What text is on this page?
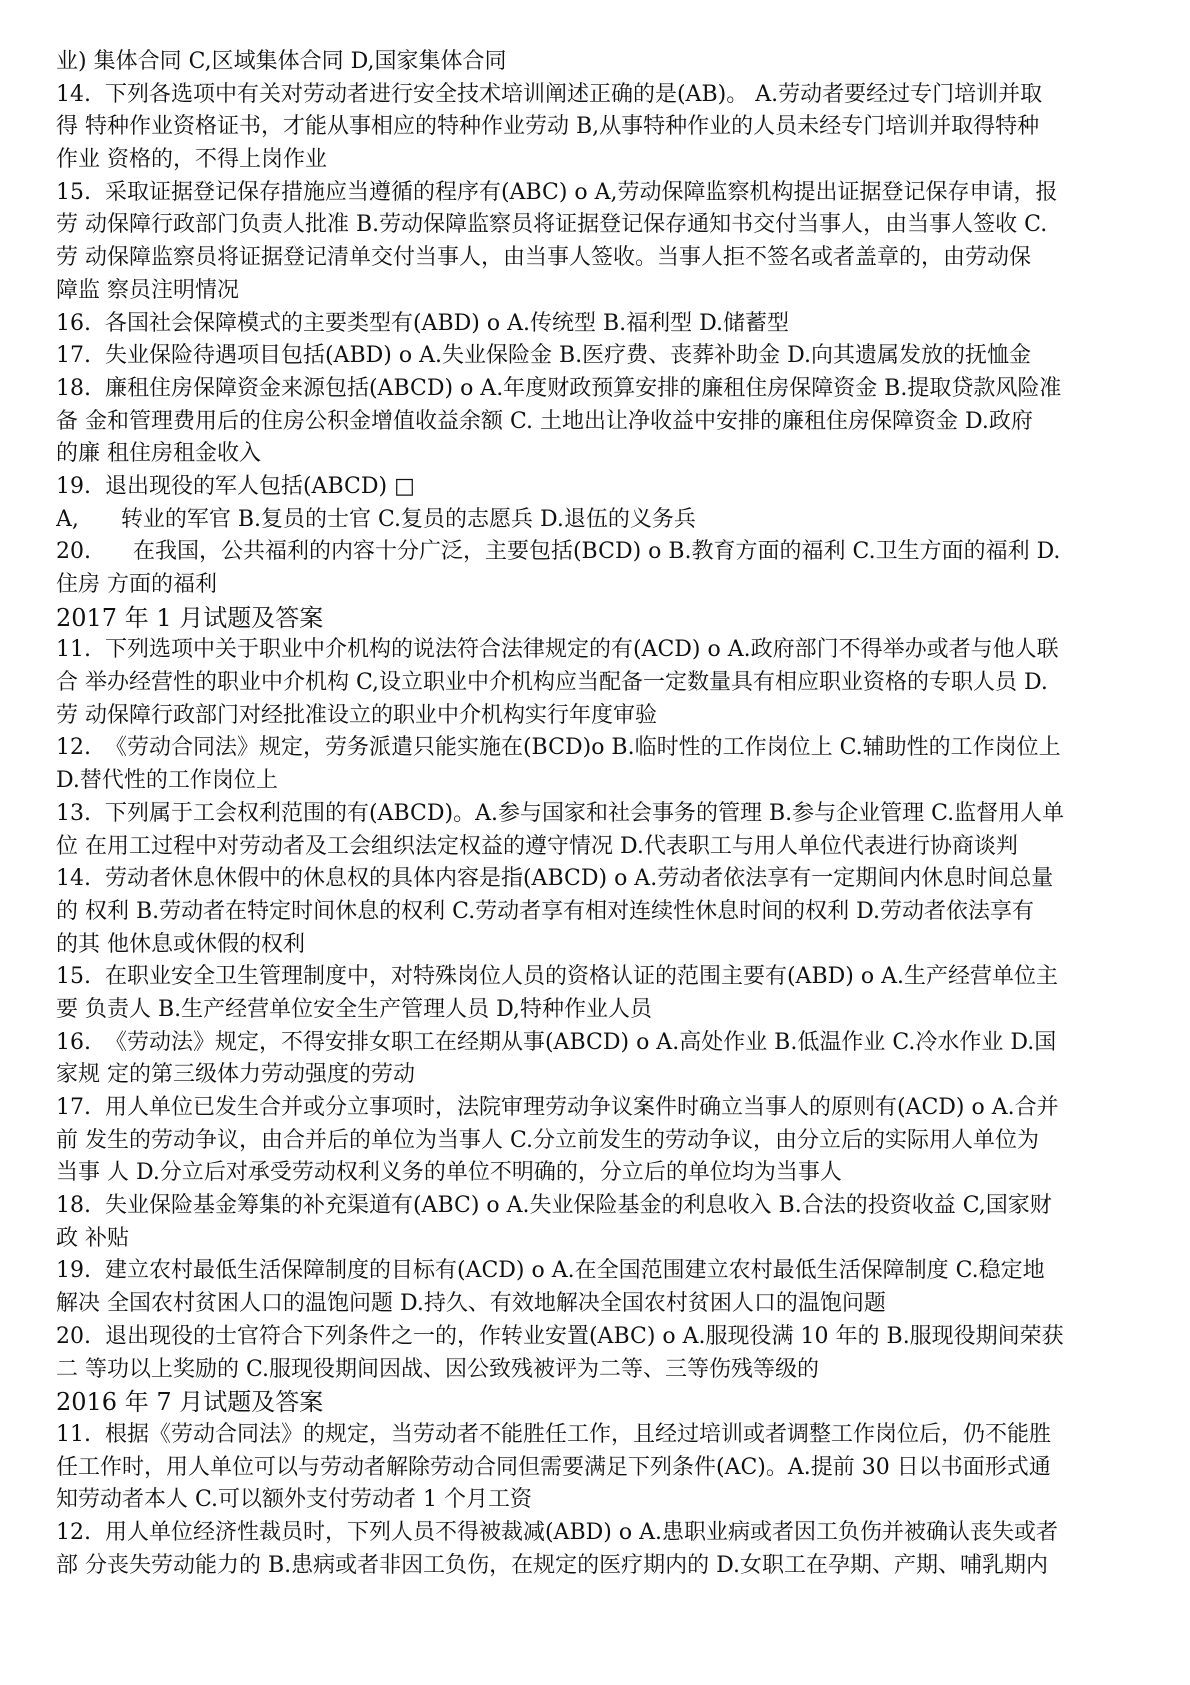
业) 集体合同 C,区域集体合同 D,国家集体合同
14.  下列各选项中有关对劳动者进行安全技术培训阐述正确的是(AB)。 A.劳动者要经过专门培训并取
得 特种作业资格证书，才能从事相应的特种作业劳动 B,从事特种作业的人员未经专门培训并取得特种
作业 资格的，不得上岗作业
15.  采取证据登记保存措施应当遵循的程序有(ABC) o A,劳动保障监察机构提出证据登记保存申请，报
劳 动保障行政部门负责人批准 B.劳动保障监察员将证据登记保存通知书交付当事人，由当事人签收 C.
劳 动保障监察员将证据登记清单交付当事人，由当事人签收。当事人拒不签名或者盖章的，由劳动保
障监 察员注明情况
16.  各国社会保障模式的主要类型有(ABD) o A.传统型 B.福利型 D.储蓄型
17.  失业保险待遇项目包括(ABD) o A.失业保险金 B.医疗费、丧葬补助金 D.向其遗属发放的抚恤金
18.  廉租住房保障资金来源包括(ABCD) o A.年度财政预算安排的廉租住房保障资金 B.提取贷款风险准
备 金和管理费用后的住房公积金增值收益余额 C. 土地出让净收益中安排的廉租住房保障资金 D.政府
的廉 租住房租金收入
19.  退出现役的军人包括(ABCD) □
A,      转业的军官 B.复员的士官 C.复员的志愿兵 D.退伍的义务兵
20.      在我国，公共福利的内容十分广泛，主要包括(BCD) o B.教育方面的福利 C.卫生方面的福利 D.
住房 方面的福利
2017 年 1 月试题及答案
11.  下列选项中关于职业中介机构的说法符合法律规定的有(ACD) o A.政府部门不得举办或者与他人联
合 举办经营性的职业中介机构 C,设立职业中介机构应当配备一定数量具有相应职业资格的专职人员 D.
劳 动保障行政部门对经批准设立的职业中介机构实行年度审验
12.  《劳动合同法》规定，劳务派遣只能实施在(BCD)o B.临时性的工作岗位上 C.辅助性的工作岗位上
D.替代性的工作岗位上
13.  下列属于工会权利范围的有(ABCD)。A.参与国家和社会事务的管理 B.参与企业管理 C.监督用人单
位 在用工过程中对劳动者及工会组织法定权益的遵守情况 D.代表职工与用人单位代表进行协商谈判
14.  劳动者休息休假中的休息权的具体内容是指(ABCD) o A.劳动者依法享有一定期间内休息时间总量
的 权利 B.劳动者在特定时间休息的权利 C.劳动者享有相对连续性休息时间的权利 D.劳动者依法享有
的其 他休息或休假的权利
15.  在职业安全卫生管理制度中，对特殊岗位人员的资格认证的范围主要有(ABD) o A.生产经营单位主
要 负责人 B.生产经营单位安全生产管理人员 D,特种作业人员
16.  《劳动法》规定，不得安排女职工在经期从事(ABCD) o A.高处作业 B.低温作业 C.冷水作业 D.国
家规 定的第三级体力劳动强度的劳动
17.  用人单位已发生合并或分立事项时，法院审理劳动争议案件时确立当事人的原则有(ACD) o A.合并
前 发生的劳动争议，由合并后的单位为当事人 C.分立前发生的劳动争议，由分立后的实际用人单位为
当事 人 D.分立后对承受劳动权利义务的单位不明确的，分立后的单位均为当事人
18.  失业保险基金筹集的补充渠道有(ABC) o A.失业保险基金的利息收入 B.合法的投资收益 C,国家财
政 补贴
19.  建立农村最低生活保障制度的目标有(ACD) o A.在全国范围建立农村最低生活保障制度 C.稳定地
解决 全国农村贫困人口的温饱问题 D.持久、有效地解决全国农村贫困人口的温饱问题
20.  退出现役的士官符合下列条件之一的，作转业安置(ABC) o A.服现役满 10 年的 B.服现役期间荣获
二 等功以上奖励的 C.服现役期间因战、因公致残被评为二等、三等伤残等级的
2016 年 7 月试题及答案
11.  根据《劳动合同法》的规定，当劳动者不能胜任工作，且经过培训或者调整工作岗位后，仍不能胜
任工作时，用人单位可以与劳动者解除劳动合同但需要满足下列条件(AC)。A.提前 30 日以书面形式通
知劳动者本人 C.可以额外支付劳动者 1 个月工资
12.  用人单位经济性裁员时，下列人员不得被裁减(ABD) o A.患职业病或者因工负伤并被确认丧失或者
部 分丧失劳动能力的 B.患病或者非因工负伤，在规定的医疗期内的 D.女职工在孕期、产期、哺乳期内
